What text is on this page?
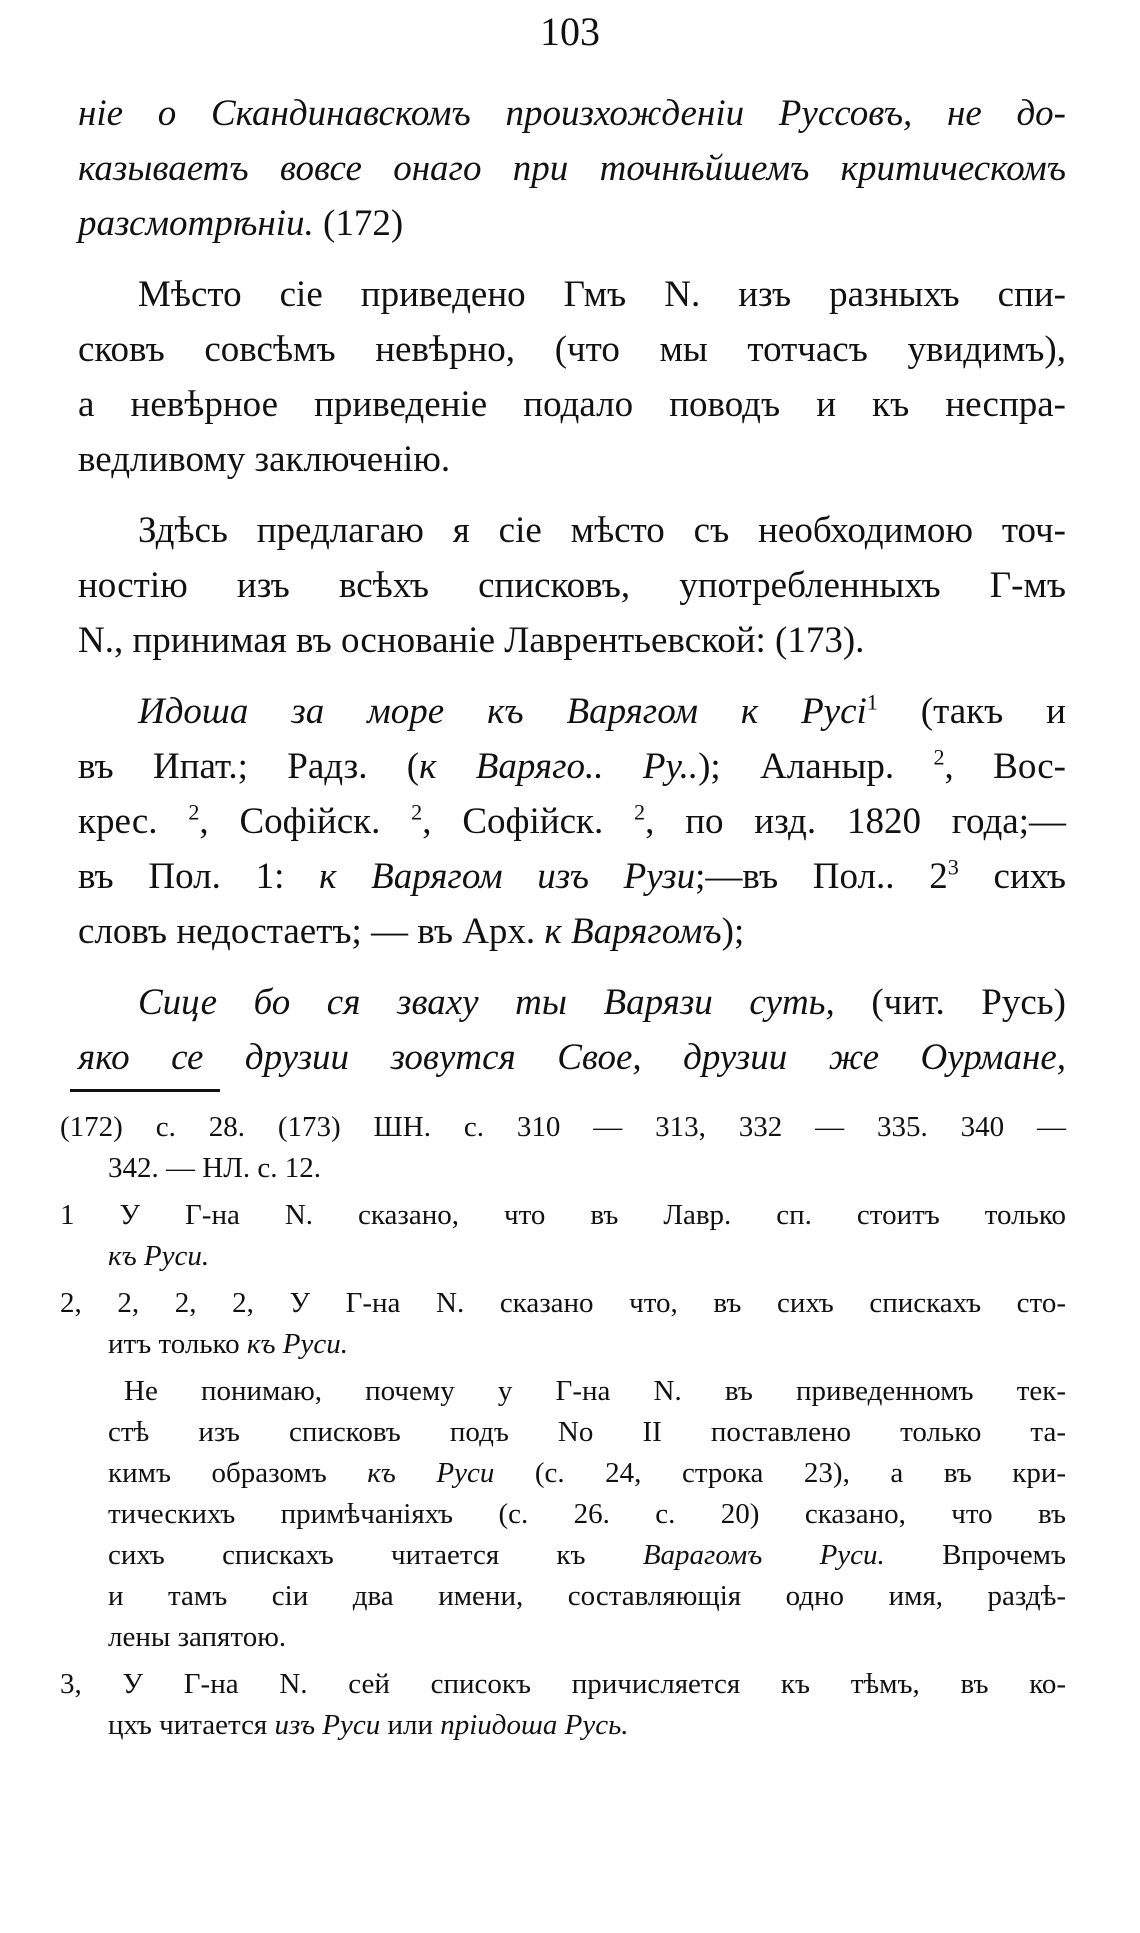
103
ніе о Скандинавскомъ произхожденіи Руссовъ, не до-
казываетъ вовсе онаго при точнѣйшемъ критическомъ
разсмотрѣніи. (172)
Мѣсто сіе приведено Гмъ N. изъ разныхъ спи-
сковъ совсѣмъ невѣрно, (что мы тотчасъ увидимъ),
а невѣрное приведеніе подало поводъ и къ неспра-
ведливому заключенію.
Здѣсь предлагаю я сіе мѣсто съ необходимою точ-
ностію изъ всѣхъ списковъ, употребленныхъ Г-мъ
N., принимая въ основаніе Лаврентьевской: (173).
Идоша за море къ Варягом к Русі$^1$ (такъ и
въ Ипат.; Радз. (к Варяго.. Ру..); Аланыр. $^2$, Вос-
крес. $^2$, Софійск. $^2$, Софійск. $^2$, по изд. 1820 года;—
въ Пол. 1: к Варягом изъ Рузи;—въ Пол.. $2^3$ сихъ
словъ недостаетъ; — въ Арх. к Варягомъ);
Сице бо ся зваху ты Варязи суть, (чит. Русь)
яко се друзии зовутся Свое, друзии же Оурмане,
(172) с. 28. (173) ШН. с. 310 — 313, 332 — 335. 340 —
342. — НЛ. с. 12.
1 У Г-на N. сказано, что въ Лавр. сп. стоитъ только
къ Руси.
2, 2, 2, 2, У Г-на N. сказано что, въ сихъ спискахъ сто-
итъ только къ Руси.
Не понимаю, почему у Г-на N. въ приведенномъ тек-
стѣ изъ списковъ подъ No II поставлено только та-
кимъ образомъ къ Руси (с. 24, строка 23), а въ кри-
тическихъ примѣчаніяхъ (с. 26. с. 20) сказано, что въ
сихъ спискахъ читается къ Варагомъ Руси. Впрочемъ
и тамъ сіи два имени, составляющія одно имя, раздѣ-
лены запятою.
3, У Г-на N. сей списокъ причисляется къ тѣмъ, въ ко-
цхъ читается изъ Руси или пріидоша Русь.
